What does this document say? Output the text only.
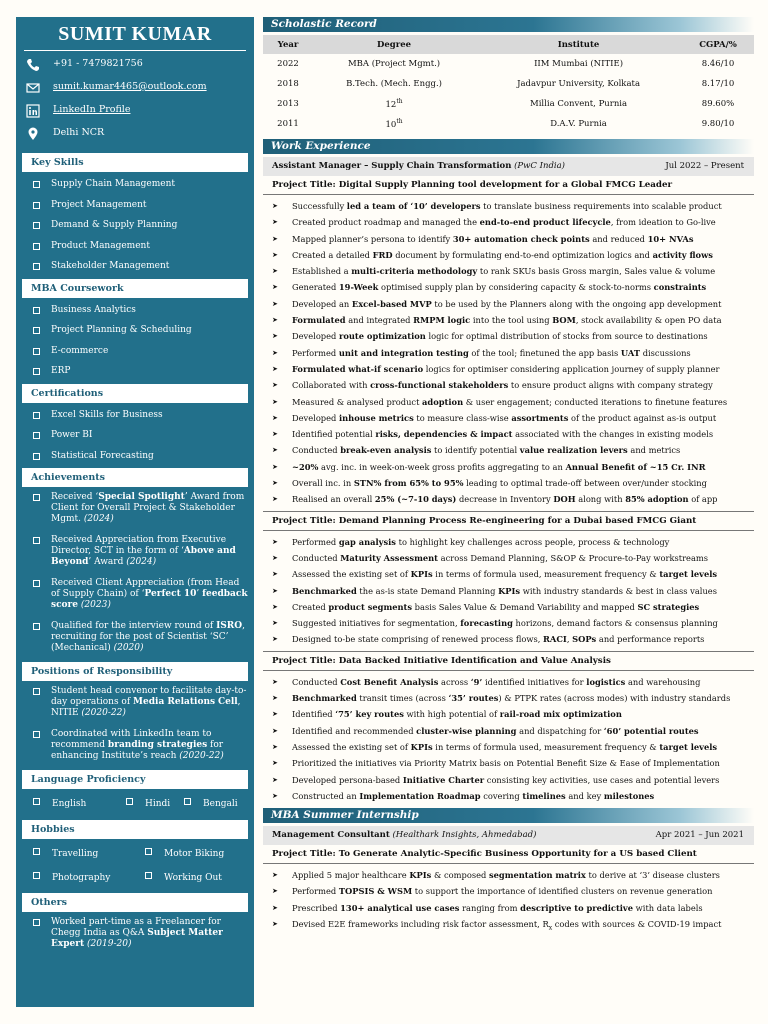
SUMIT KUMAR
+91 - 7479821756
sumit.kumar4465@outlook.com
LinkedIn Profile
Delhi NCR
Key Skills
Supply Chain Management
Project Management
Demand & Supply Planning
Product Management
Stakeholder Management
MBA Coursework
Business Analytics
Project Planning & Scheduling
E-commerce
ERP
Certifications
Excel Skills for Business
Power BI
Statistical Forecasting
Achievements
Received ‘Special Spotlight’ Award from Client for Overall Project & Stakeholder Mgmt. (2024)
Received Appreciation from Executive Director, SCT in the form of ‘Above and Beyond’ Award (2024)
Received Client Appreciation (from Head of Supply Chain) of ‘Perfect 10’ feedback score (2023)
Qualified for the interview round of ISRO, recruiting for the post of Scientist ‘SC’ (Mechanical) (2020)
Positions of Responsibility
Student head convenor to facilitate day-to-day operations of Media Relations Cell, NITIE (2020-22)
Coordinated with LinkedIn team to recommend branding strategies for enhancing Institute’s reach (2020-22)
Language Proficiency
English	Hindi	Bengali
Hobbies
Travelling	Motor Biking
Photography	Working Out
Others
Worked part-time as a Freelancer for Chegg India as Q&A Subject Matter Expert (2019-20)
Scholastic Record
Year	Degree	Institute	CGPA/%
2022	MBA (Project Mgmt.)	IIM Mumbai (NITIE)	8.46/10
2018	B.Tech. (Mech. Engg.)	Jadavpur University, Kolkata	8.17/10
2013	12th	Millia Convent, Purnia	89.60%
2011	10th	D.A.V. Purnia	9.80/10
Work Experience
Assistant Manager – Supply Chain Transformation (PwC India)	Jul 2022 – Present
Project Title: Digital Supply Planning tool development for a Global FMCG Leader
➤ Successfully led a team of ‘10’ developers to translate business requirements into scalable product
➤ Created product roadmap and managed the end-to-end product lifecycle, from ideation to Go-live
➤ Mapped planner’s persona to identify 30+ automation check points and reduced 10+ NVAs
➤ Created a detailed FRD document by formulating end-to-end optimization logics and activity flows
➤ Established a multi-criteria methodology to rank SKUs basis Gross margin, Sales value & volume
➤ Generated 19-Week optimised supply plan by considering capacity & stock-to-norms constraints
➤ Developed an Excel-based MVP to be used by the Planners along with the ongoing app development
➤ Formulated and integrated RMPM logic into the tool using BOM, stock availability & open PO data
➤ Developed route optimization logic for optimal distribution of stocks from source to destinations
➤ Performed unit and integration testing of the tool; finetuned the app basis UAT discussions
➤ Formulated what-if scenario logics for optimiser considering application journey of supply planner
➤ Collaborated with cross-functional stakeholders to ensure product aligns with company strategy
➤ Measured & analysed product adoption & user engagement; conducted iterations to finetune features
➤ Developed inhouse metrics to measure class-wise assortments of the product against as-is output
➤ Identified potential risks, dependencies & impact associated with the changes in existing models
➤ Conducted break-even analysis to identify potential value realization levers and metrics
➤ ~20% avg. inc. in week-on-week gross profits aggregating to an Annual Benefit of ~15 Cr. INR
➤ Overall inc. in STN% from 65% to 95% leading to optimal trade-off between over/under stocking
➤ Realised an overall 25% (~7-10 days) decrease in Inventory DOH along with 85% adoption of app
Project Title: Demand Planning Process Re-engineering for a Dubai based FMCG Giant
➤ Performed gap analysis to highlight key challenges across people, process & technology
➤ Conducted Maturity Assessment across Demand Planning, S&OP & Procure-to-Pay workstreams
➤ Assessed the existing set of KPIs in terms of formula used, measurement frequency & target levels
➤ Benchmarked the as-is state Demand Planning KPIs with industry standards & best in class values
➤ Created product segments basis Sales Value & Demand Variability and mapped SC strategies
➤ Suggested initiatives for segmentation, forecasting horizons, demand factors & consensus planning
➤ Designed to-be state comprising of renewed process flows, RACI, SOPs and performance reports
Project Title: Data Backed Initiative Identification and Value Analysis
➤ Conducted Cost Benefit Analysis across ‘9’ identified initiatives for logistics and warehousing
➤ Benchmarked transit times (across ‘35’ routes) & PTPK rates (across modes) with industry standards
➤ Identified ‘75’ key routes with high potential of rail-road mix optimization
➤ Identified and recommended cluster-wise planning and dispatching for ‘60’ potential routes
➤ Assessed the existing set of KPIs in terms of formula used, measurement frequency & target levels
➤ Prioritized the initiatives via Priority Matrix basis on Potential Benefit Size & Ease of Implementation
➤ Developed persona-based Initiative Charter consisting key activities, use cases and potential levers
➤ Constructed an Implementation Roadmap covering timelines and key milestones
MBA Summer Internship
Management Consultant (Healthark Insights, Ahmedabad)	Apr 2021 – Jun 2021
Project Title: To Generate Analytic-Specific Business Opportunity for a US based Client
➤ Applied 5 major healthcare KPIs & composed segmentation matrix to derive at ‘3’ disease clusters
➤ Performed TOPSIS & WSM to support the importance of identified clusters on revenue generation
➤ Prescribed 130+ analytical use cases ranging from descriptive to predictive with data labels
➤ Devised E2E frameworks including risk factor assessment, $R_x$ codes with sources & COVID-19 impact
